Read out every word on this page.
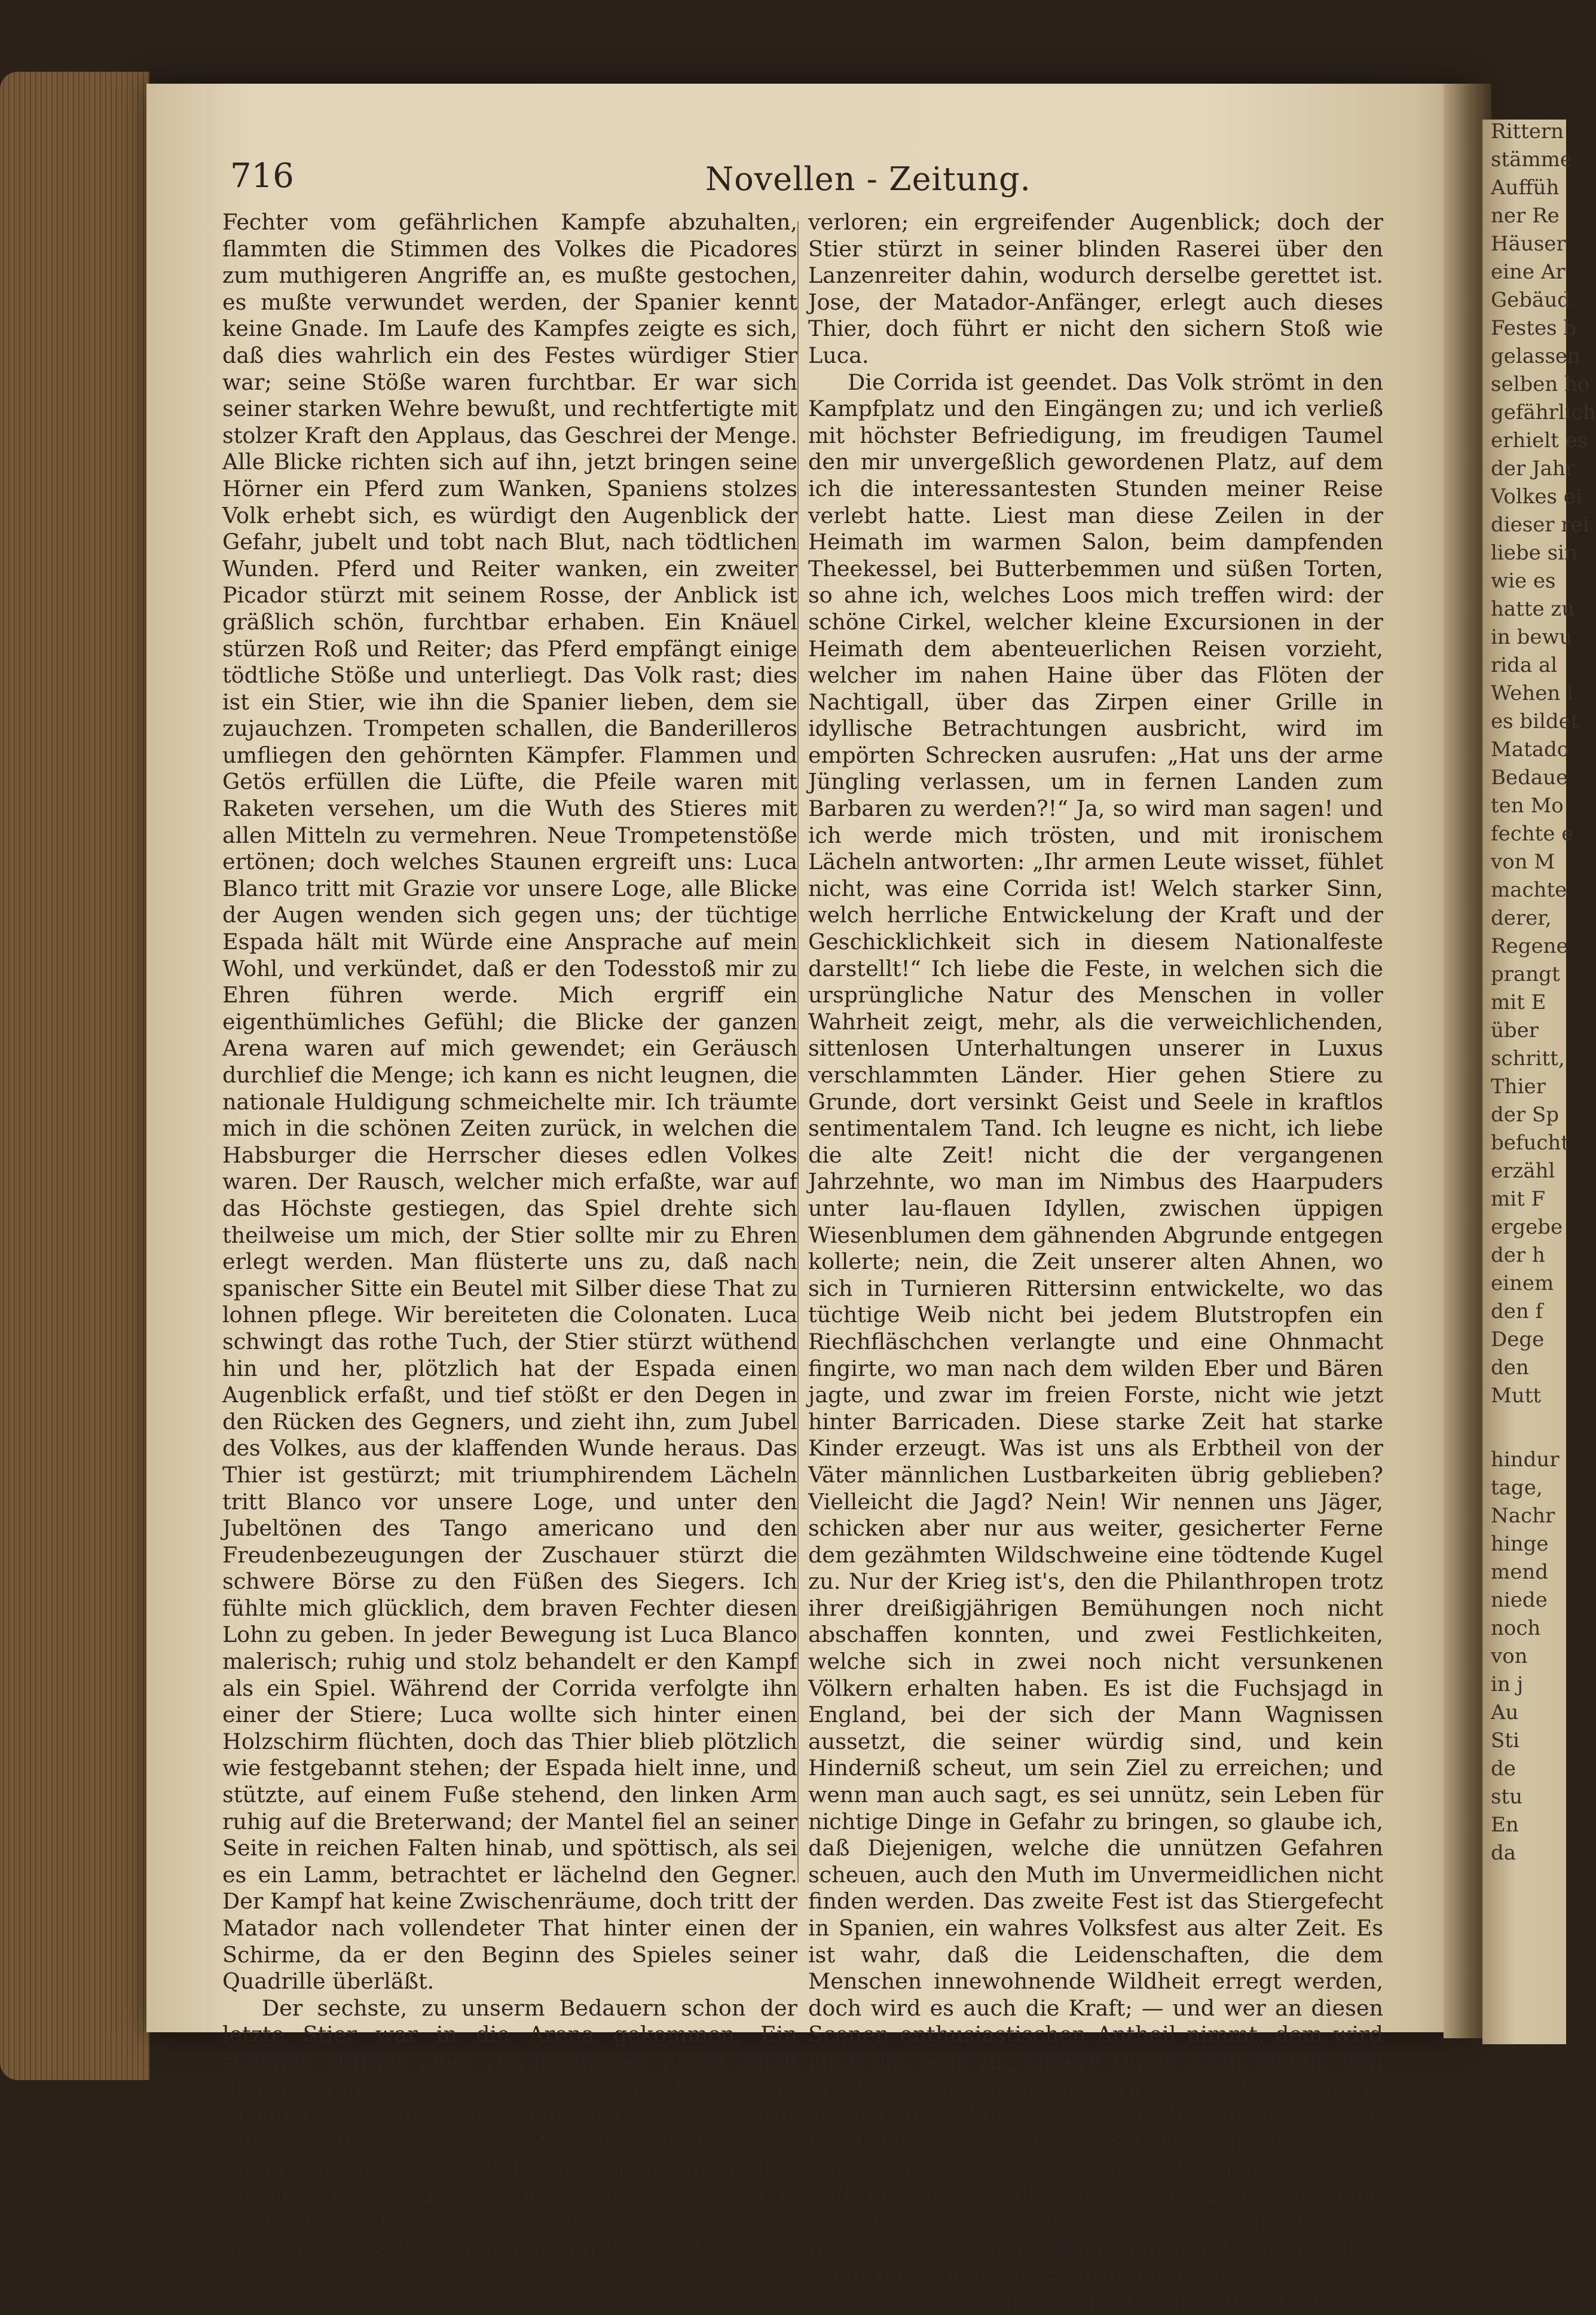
Rittern
stämme
Auffüh
ner Re
Häuser
eine Ar
Gebäud
Festes b
gelassen
selben ho
gefährlich
erhielt es
der Jahr
Volkes ei
dieser rei
liebe sin
wie es
hatte zu
in bewu
rida al
Wehen i
es bildet
Matado
Bedaue
ten Mo
fechte e
von M
machte
derer,
Regene
prangt
mit E
über
schritt,
Thier
der Sp
befucht
erzähl
mit F
ergebe
der h
einem
den f
Dege
den
Mutt
hindur
tage,
Nachr
hinge
mend
niede
noch
von
in j
Au
Sti
de
stu
En
da
716	Novellen - Zeitung.

Fechter vom gefährlichen Kampfe abzuhalten, flammten die Stimmen des Volkes die Picadores zum muthigeren Angriffe an, es mußte gestochen, es mußte verwundet werden, der Spanier kennt keine Gnade. Im Laufe des Kampfes zeigte es sich, daß dies wahrlich ein des Festes würdiger Stier war; seine Stöße waren furchtbar. Er war sich seiner starken Wehre bewußt, und rechtfertigte mit stolzer Kraft den Applaus, das Geschrei der Menge. Alle Blicke richten sich auf ihn, jetzt bringen seine Hörner ein Pferd zum Wanken, Spaniens stolzes Volk erhebt sich, es würdigt den Augenblick der Gefahr, jubelt und tobt nach Blut, nach tödtlichen Wunden. Pferd und Reiter wanken, ein zweiter Picador stürzt mit seinem Rosse, der Anblick ist gräßlich schön, furchtbar erhaben. Ein Knäuel stürzen Roß und Reiter; das Pferd empfängt einige tödtliche Stöße und unterliegt. Das Volk rast; dies ist ein Stier, wie ihn die Spanier lieben, dem sie zujauchzen. Trompeten schallen, die Banderilleros umfliegen den gehörnten Kämpfer. Flammen und Getös erfüllen die Lüfte, die Pfeile waren mit Raketen versehen, um die Wuth des Stieres mit allen Mitteln zu vermehren. Neue Trompetenstöße ertönen; doch welches Staunen ergreift uns: Luca Blanco tritt mit Grazie vor unsere Loge, alle Blicke der Augen wenden sich gegen uns; der tüchtige Espada hält mit Würde eine Ansprache auf mein Wohl, und verkündet, daß er den Todesstoß mir zu Ehren führen werde. Mich ergriff ein eigenthümliches Gefühl; die Blicke der ganzen Arena waren auf mich gewendet; ein Geräusch durchlief die Menge; ich kann es nicht leugnen, die nationale Huldigung schmeichelte mir. Ich träumte mich in die schönen Zeiten zurück, in welchen die Habsburger die Herrscher dieses edlen Volkes waren. Der Rausch, welcher mich erfaßte, war auf das Höchste gestiegen, das Spiel drehte sich theilweise um mich, der Stier sollte mir zu Ehren erlegt werden. Man flüsterte uns zu, daß nach spanischer Sitte ein Beutel mit Silber diese That zu lohnen pflege. Wir bereiteten die Colonaten. Luca schwingt das rothe Tuch, der Stier stürzt wüthend hin und her, plötzlich hat der Espada einen Augenblick erfaßt, und tief stößt er den Degen in den Rücken des Gegners, und zieht ihn, zum Jubel des Volkes, aus der klaffenden Wunde heraus. Das Thier ist gestürzt; mit triumphirendem Lächeln tritt Blanco vor unsere Loge, und unter den Jubeltönen des Tango americano und den Freudenbezeugungen der Zuschauer stürzt die schwere Börse zu den Füßen des Siegers. Ich fühlte mich glücklich, dem braven Fechter diesen Lohn zu geben. In jeder Bewegung ist Luca Blanco malerisch; ruhig und stolz behandelt er den Kampf als ein Spiel. Während der Corrida verfolgte ihn einer der Stiere; Luca wollte sich hinter einen Holzschirm flüchten, doch das Thier blieb plötzlich wie festgebannt stehen; der Espada hielt inne, und stützte, auf einem Fuße stehend, den linken Arm ruhig auf die Breterwand; der Mantel fiel an seiner Seite in reichen Falten hinab, und spöttisch, als sei es ein Lamm, betrachtet er lächelnd den Gegner. Der Kampf hat keine Zwischenräume, doch tritt der Matador nach vollendeter That hinter einen der Schirme, da er den Beginn des Spieles seiner Quadrille überläßt.

Der sechste, zu unserm Bedauern schon der letzte Stier war in die Arena gekommen. Ein schönes, starkes Thier von goldgelber Farbe. Auch dieser Kampf war voll Interesse, voll Bewegung. Besonders fesselte ein Moment die Blicke. Der Stier hat das Pferd eines Picadors erfaßt und zu Boden geworfen; der Reiter liegt halb unter dem Pferde im Sande; noch einmal stürzt das wuthentbrannte Thier gegen das Roß und überrennt dasselbe; man hält den Picador für

verloren; ein ergreifender Augenblick; doch der Stier stürzt in seiner blinden Raserei über den Lanzenreiter dahin, wodurch derselbe gerettet ist. Jose, der Matador-Anfänger, erlegt auch dieses Thier, doch führt er nicht den sichern Stoß wie Luca.

Die Corrida ist geendet. Das Volk strömt in den Kampfplatz und den Eingängen zu; und ich verließ mit höchster Befriedigung, im freudigen Taumel den mir unvergeßlich gewordenen Platz, auf dem ich die interessantesten Stunden meiner Reise verlebt hatte. Liest man diese Zeilen in der Heimath im warmen Salon, beim dampfenden Theekessel, bei Butterbemmen und süßen Torten, so ahne ich, welches Loos mich treffen wird: der schöne Cirkel, welcher kleine Excursionen in der Heimath dem abenteuerlichen Reisen vorzieht, welcher im nahen Haine über das Flöten der Nachtigall, über das Zirpen einer Grille in idyllische Betrachtungen ausbricht, wird im empörten Schrecken ausrufen: „Hat uns der arme Jüngling verlassen, um in fernen Landen zum Barbaren zu werden?!“ Ja, so wird man sagen! und ich werde mich trösten, und mit ironischem Lächeln antworten: „Ihr armen Leute wisset, fühlet nicht, was eine Corrida ist! Welch starker Sinn, welch herrliche Entwickelung der Kraft und der Geschicklichkeit sich in diesem Nationalfeste darstellt!“ Ich liebe die Feste, in welchen sich die ursprüngliche Natur des Menschen in voller Wahrheit zeigt, mehr, als die verweichlichenden, sittenlosen Unterhaltungen unserer in Luxus verschlammten Länder. Hier gehen Stiere zu Grunde, dort versinkt Geist und Seele in kraftlos sentimentalem Tand. Ich leugne es nicht, ich liebe die alte Zeit! nicht die der vergangenen Jahrzehnte, wo man im Nimbus des Haarpuders unter lau-flauen Idyllen, zwischen üppigen Wiesenblumen dem gähnenden Abgrunde entgegen kollerte; nein, die Zeit unserer alten Ahnen, wo sich in Turnieren Rittersinn entwickelte, wo das tüchtige Weib nicht bei jedem Blutstropfen ein Riechfläschchen verlangte und eine Ohnmacht fingirte, wo man nach dem wilden Eber und Bären jagte, und zwar im freien Forste, nicht wie jetzt hinter Barricaden. Diese starke Zeit hat starke Kinder erzeugt. Was ist uns als Erbtheil von der Väter männlichen Lustbarkeiten übrig geblieben? Vielleicht die Jagd? Nein! Wir nennen uns Jäger, schicken aber nur aus weiter, gesicherter Ferne dem gezähmten Wildschweine eine tödtende Kugel zu. Nur der Krieg ist's, den die Philanthropen trotz ihrer dreißigjährigen Bemühungen noch nicht abschaffen konnten, und zwei Festlichkeiten, welche sich in zwei noch nicht versunkenen Völkern erhalten haben. Es ist die Fuchsjagd in England, bei der sich der Mann Wagnissen aussetzt, die seiner würdig sind, und kein Hinderniß scheut, um sein Ziel zu erreichen; und wenn man auch sagt, es sei unnütz, sein Leben für nichtige Dinge in Gefahr zu bringen, so glaube ich, daß Diejenigen, welche die unnützen Gefahren scheuen, auch den Muth im Unvermeidlichen nicht finden werden. Das zweite Fest ist das Stiergefecht in Spanien, ein wahres Volksfest aus alter Zeit. Es ist wahr, daß die Leidenschaften, die dem Menschen innewohnende Wildheit erregt werden, doch wird es auch die Kraft; — und wer an diesen Scenen enthusiastischen Antheil nimmt, dem wird auch der Sinn für andere Dinge nicht fehlen, und er wird wenigstens nicht in Apathie untergehen. Im spanischen Volke ist noch feste, stolze Ritterlichkeit, und trotz des Festes, das ihre Väter ihnen überliefert haben, sind die Spanier fromm und mildthätig. Alles hat seine Zeit und seine Stimmungen, und deren Wechsel ist der höchste Reiz des Menschenlebens. Ich konnte lange nicht erfahren, woher das Stiergefecht seinen Ursprung hat, ob es den kühnen Mauren oder den edlen
